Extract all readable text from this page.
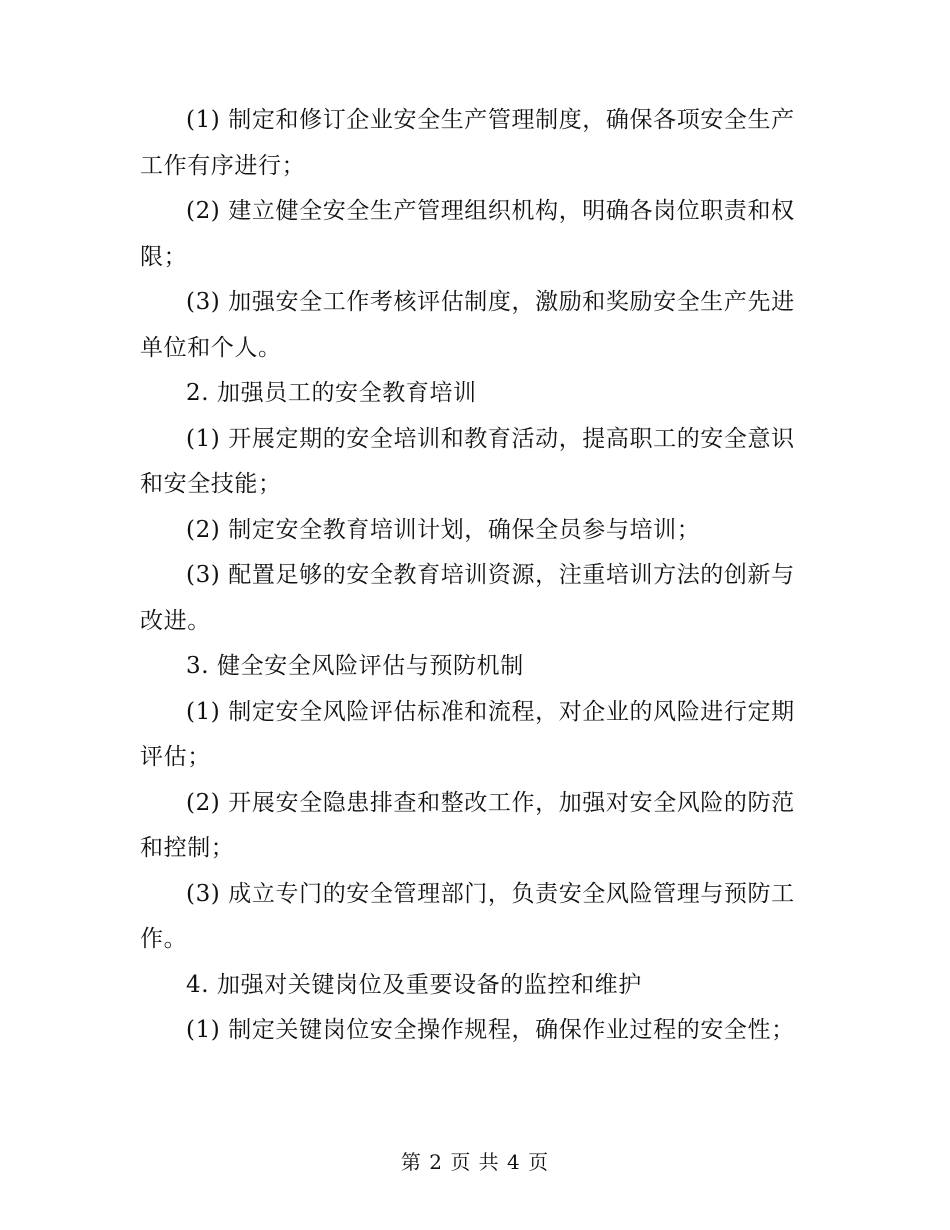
(1) 制定和修订企业安全生产管理制度，确保各项安全生产工作有序进行；

(2) 建立健全安全生产管理组织机构，明确各岗位职责和权限；

(3) 加强安全工作考核评估制度，激励和奖励安全生产先进单位和个人。

2. 加强员工的安全教育培训

(1) 开展定期的安全培训和教育活动，提高职工的安全意识和安全技能；

(2) 制定安全教育培训计划，确保全员参与培训；

(3) 配置足够的安全教育培训资源，注重培训方法的创新与改进。

3. 健全安全风险评估与预防机制

(1) 制定安全风险评估标准和流程，对企业的风险进行定期评估；

(2) 开展安全隐患排查和整改工作，加强对安全风险的防范和控制；

(3) 成立专门的安全管理部门，负责安全风险管理与预防工作。

4. 加强对关键岗位及重要设备的监控和维护

(1) 制定关键岗位安全操作规程，确保作业过程的安全性；

第 2 页 共 4 页
